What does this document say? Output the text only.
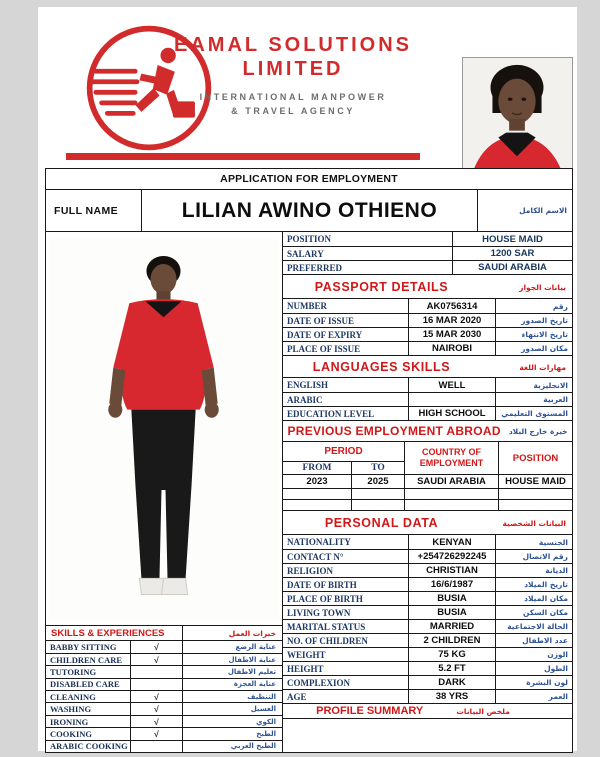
EAMAL SOLUTIONS
LIMITED
INTERNATIONAL MANPOWER
& TRAVEL AGENCY
APPLICATION FOR EMPLOYMENT
FULL NAME	LILIAN AWINO OTHIENO	الاسم الكامل
SKILLS & EXPERIENCES	خبرات العمل
BABBY SITTING	√	عناية الرضع
CHILDREN CARE	√	عناية الاطفال
TUTORING	تعليم الاطفال
DISABLED CARE	عناية العجزة
CLEANING	√	التنظيف
WASHING	√	الغسيل
IRONING	√	الكوي
COOKING	√	الطبخ
ARABIC COOKING	الطبخ العربي
POSITION	HOUSE MAID
SALARY	1200 SAR
PREFERRED	SAUDI ARABIA
PASSPORT DETAILS	بيانات الجواز
NUMBER	AK0756314	رقم
DATE OF ISSUE	16 MAR 2020	تاريخ الصدور
DATE OF EXPIRY	15 MAR 2030	تاريخ الانتهاء
PLACE OF ISSUE	NAIROBI	مكان الصدور
LANGUAGES SKILLS	مهارات اللغة
ENGLISH	WELL	الانجليزية
ARABIC	العربية
EDUCATION LEVEL	HIGH SCHOOL	المستوى التعليمي
PREVIOUS EMPLOYMENT ABROAD خبرة خارج البلاد
PERIOD	COUNTRY OF EMPLOYMENT	POSITION
FROM	TO
2023	2025	SAUDI ARABIA	HOUSE MAID
PERSONAL DATA	البيانات الشخصية
NATIONALITY	KENYAN	الجنسية
CONTACT N°	+254726292245	رقم الاتصال
RELIGION	CHRISTIAN	الديانة
DATE OF BIRTH	16/6/1987	تاريخ الميلاد
PLACE OF BIRTH	BUSIA	مكان الميلاد
LIVING TOWN	BUSIA	مكان السكن
MARITAL STATUS	MARRIED	الحالة الاجتماعية
NO. OF CHILDREN	2 CHILDREN	عدد الاطفال
WEIGHT	75 KG	الوزن
HEIGHT	5.2 FT	الطول
COMPLEXION	DARK	لون البشرة
AGE	38 YRS	العمر
PROFILE SUMMARY	ملخص البيانات
